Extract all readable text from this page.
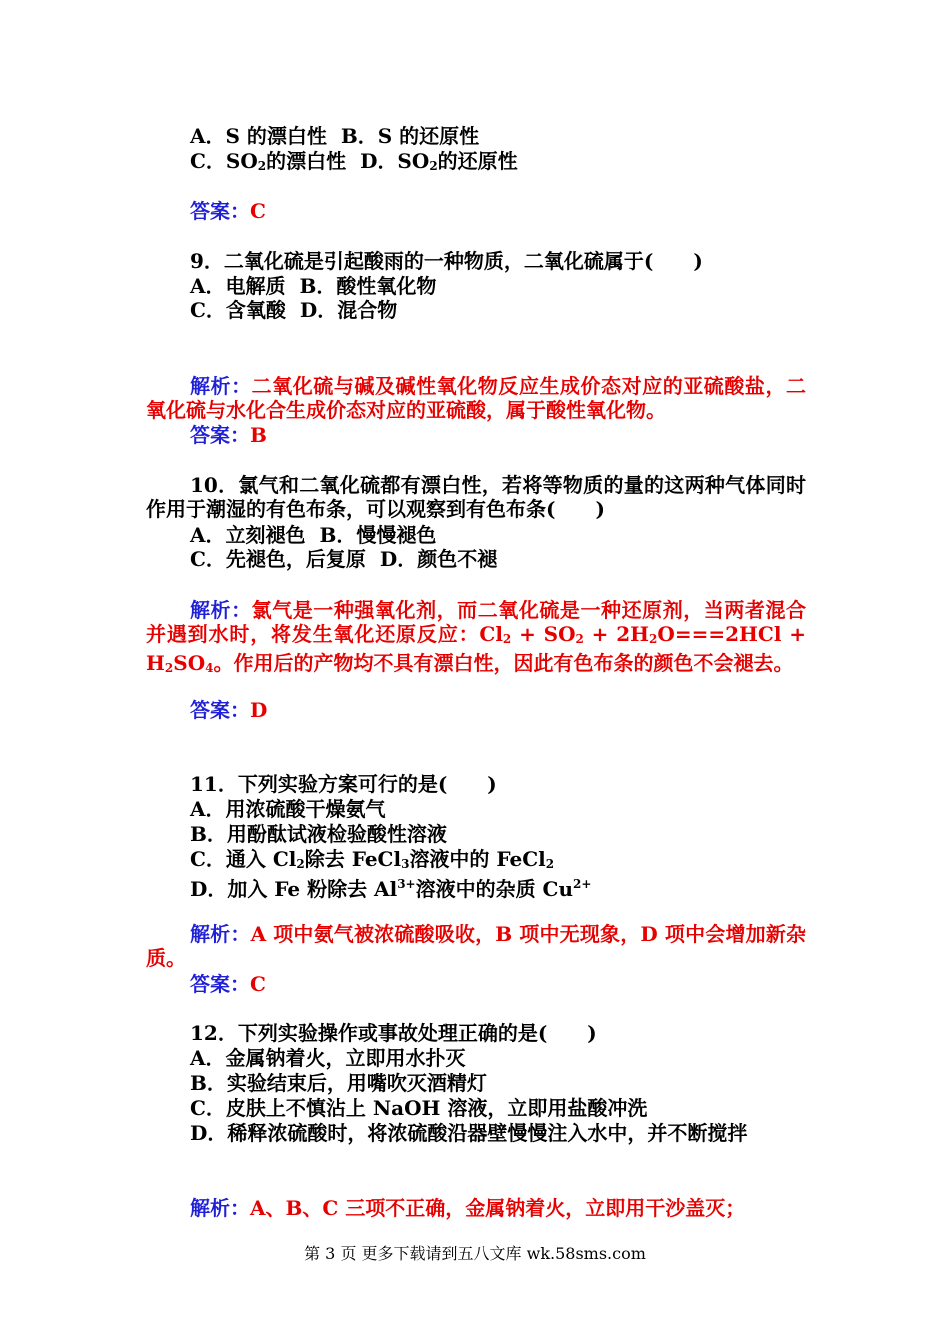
A．S 的漂白性 B．S 的还原性
C．$SO_2$的漂白性 D．$SO_2$的还原性
答案：C
9．二氧化硫是引起酸雨的一种物质，二氧化硫属于(　　)
A．电解质 B．酸性氧化物
C．含氧酸 D．混合物
解析：二氧化硫与碱及碱性氧化物反应生成价态对应的亚硫酸盐，二氧化硫与水化合生成价态对应的亚硫酸，属于酸性氧化物。
答案：B
10．氯气和二氧化硫都有漂白性，若将等物质的量的这两种气体同时作用于潮湿的有色布条，可以观察到有色布条(　　)
A．立刻褪色 B．慢慢褪色
C．先褪色，后复原 D．颜色不褪
解析：氯气是一种强氧化剂，而二氧化硫是一种还原剂，当两者混合并遇到水时，将发生氧化还原反应：$Cl_2 + SO_2 + 2H_2O===2HCl + H_2SO_4$。作用后的产物均不具有漂白性，因此有色布条的颜色不会褪去。
答案：D
11．下列实验方案可行的是(　　)
A．用浓硫酸干燥氨气
B．用酚酞试液检验酸性溶液
C．通入 $Cl_2$除去 FeCl$_3$溶液中的 FeCl$_2$
D．加入 Fe 粉除去 $Al^{3+}$溶液中的杂质 $Cu^{2+}$
解析：A 项中氨气被浓硫酸吸收，B 项中无现象，D 项中会增加新杂质。
答案：C
12．下列实验操作或事故处理正确的是(　　)
A．金属钠着火，立即用水扑灭
B．实验结束后，用嘴吹灭酒精灯
C．皮肤上不慎沾上 NaOH 溶液，立即用盐酸冲洗
D．稀释浓硫酸时，将浓硫酸沿器壁慢慢注入水中，并不断搅拌
解析：A、B、C 三项不正确，金属钠着火，立即用干沙盖灭；
第 3 页 更多下载请到五八文库 wk.58sms.com
